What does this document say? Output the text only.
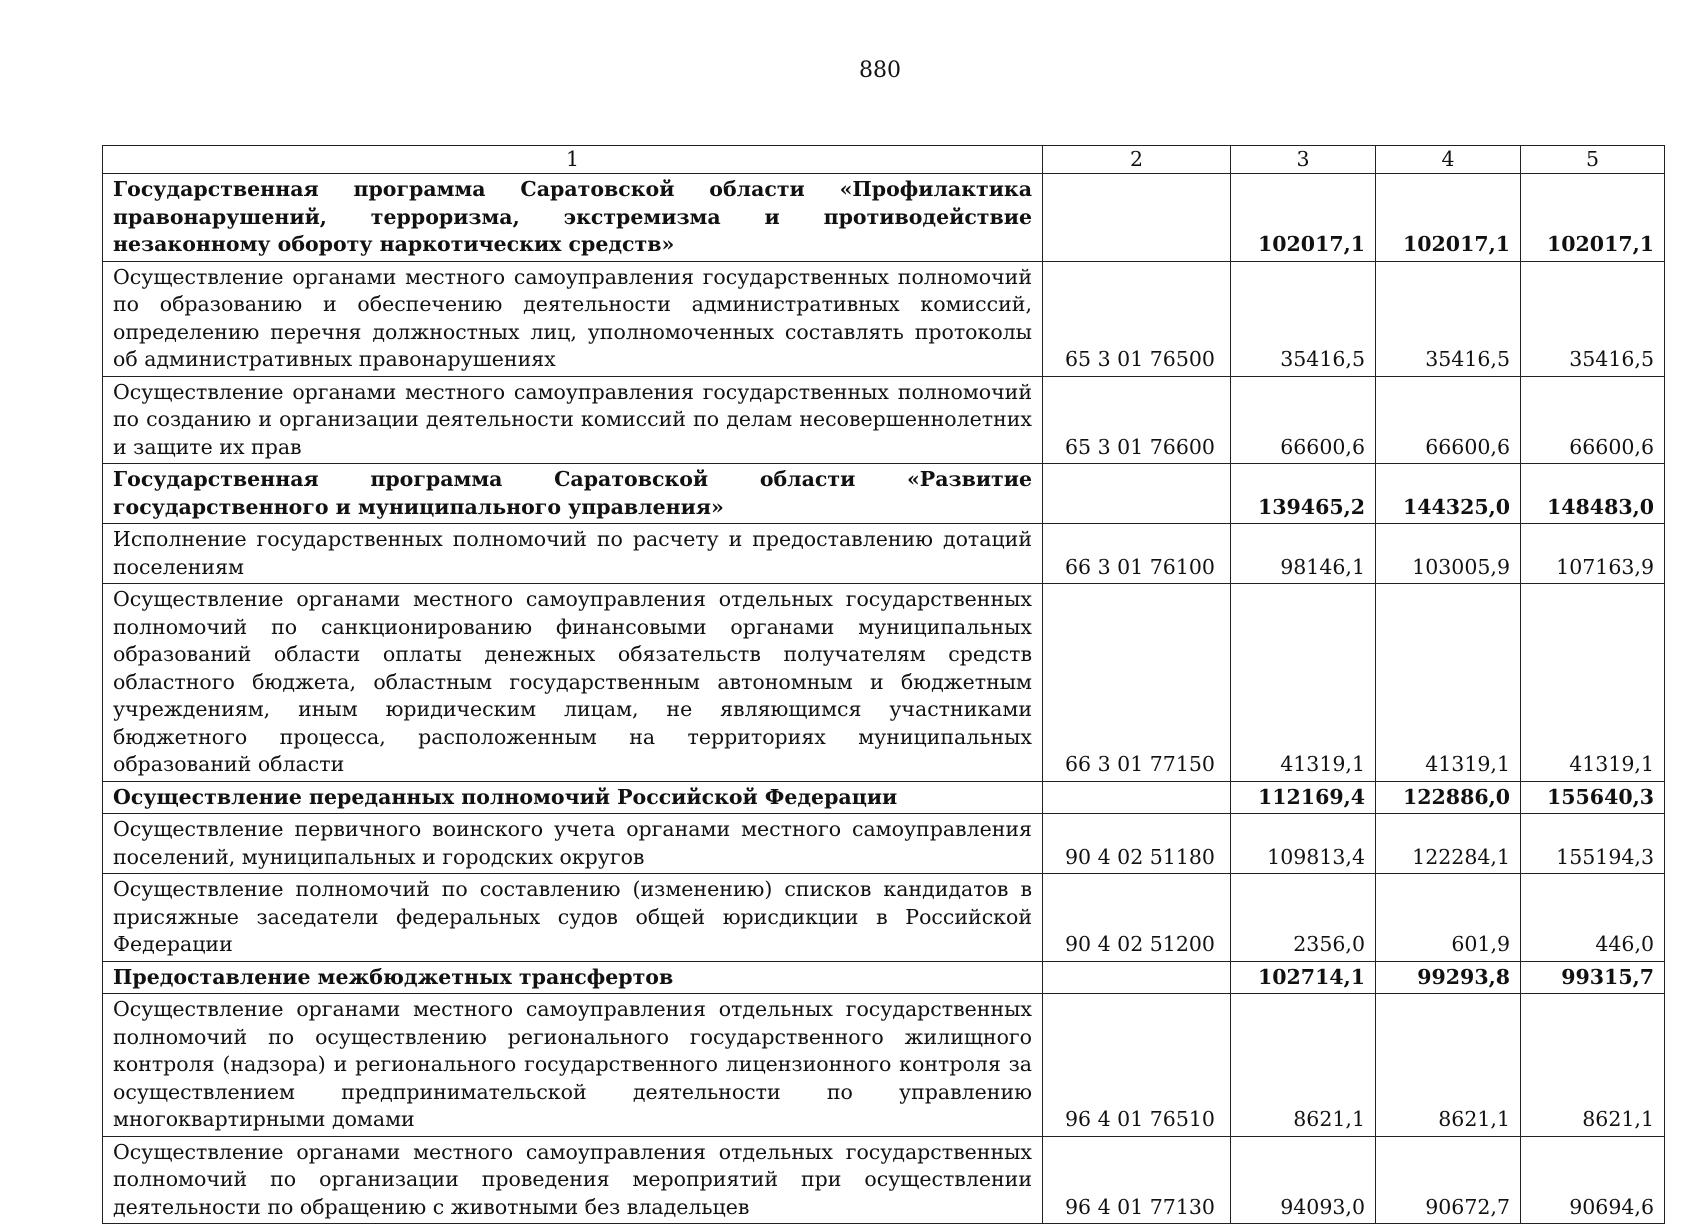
880
1	2	3	4	5
Государственная программа Саратовской области «Профилактика правонарушений, терроризма, экстремизма и противодействие незаконному обороту наркотических средств»		102017,1	102017,1	102017,1
Осуществление органами местного самоуправления государственных полномочий по образованию и обеспечению деятельности административных комиссий, определению перечня должностных лиц, уполномоченных составлять протоколы об административных правонарушениях	65 3 01 76500	35416,5	35416,5	35416,5
Осуществление органами местного самоуправления государственных полномочий по созданию и организации деятельности комиссий по делам несовершеннолетних и защите их прав	65 3 01 76600	66600,6	66600,6	66600,6
Государственная программа Саратовской области «Развитие государственного и муниципального управления»		139465,2	144325,0	148483,0
Исполнение государственных полномочий по расчету и предоставлению дотаций поселениям	66 3 01 76100	98146,1	103005,9	107163,9
Осуществление органами местного самоуправления отдельных государственных полномочий по санкционированию финансовыми органами муниципальных образований области оплаты денежных обязательств получателям средств областного бюджета, областным государственным автономным и бюджетным учреждениям, иным юридическим лицам, не являющимся участниками бюджетного процесса, расположенным на территориях муниципальных образований области	66 3 01 77150	41319,1	41319,1	41319,1
Осуществление переданных полномочий Российской Федерации		112169,4	122886,0	155640,3
Осуществление первичного воинского учета органами местного самоуправления поселений, муниципальных и городских округов	90 4 02 51180	109813,4	122284,1	155194,3
Осуществление полномочий по составлению (изменению) списков кандидатов в присяжные заседатели федеральных судов общей юрисдикции в Российской Федерации	90 4 02 51200	2356,0	601,9	446,0
Предоставление межбюджетных трансфертов		102714,1	99293,8	99315,7
Осуществление органами местного самоуправления отдельных государственных полномочий по осуществлению регионального государственного жилищного контроля (надзора) и регионального государственного лицензионного контроля за осуществлением предпринимательской деятельности по управлению многоквартирными домами	96 4 01 76510	8621,1	8621,1	8621,1
Осуществление органами местного самоуправления отдельных государственных полномочий по организации проведения мероприятий при осуществлении деятельности по обращению с животными без владельцев	96 4 01 77130	94093,0	90672,7	90694,6
